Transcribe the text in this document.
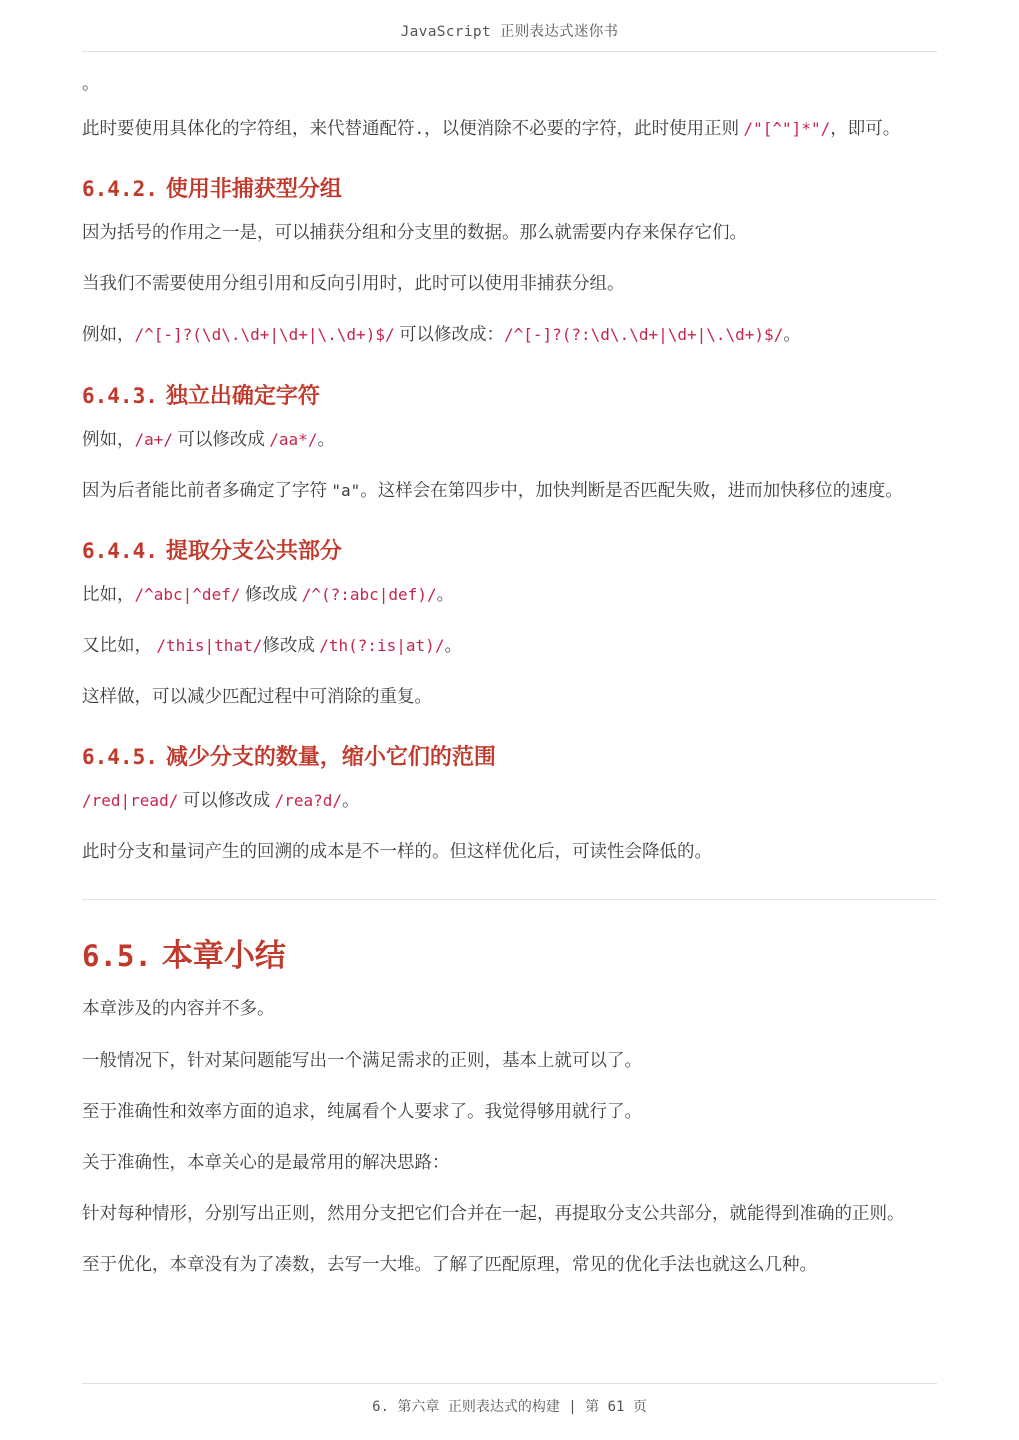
JavaScript 正则表达式迷你书
。

此时要使用具体化的字符组，来代替通配符.，以便消除不必要的字符，此时使用正则 /"[^"]*"/，即可。

6.4.2. 使用非捕获型分组

因为括号的作用之一是，可以捕获分组和分支里的数据。那么就需要内存来保存它们。

当我们不需要使用分组引用和反向引用时，此时可以使用非捕获分组。

例如，/^[-]?(\d\.\d+|\d+|\.\d+)$/ 可以修改成：/^[-]?(?:\d\.\d+|\d+|\.\d+)$/。

6.4.3. 独立出确定字符

例如，/a+/ 可以修改成 /aa*/。

因为后者能比前者多确定了字符 "a"。这样会在第四步中，加快判断是否匹配失败，进而加快移位的速度。

6.4.4. 提取分支公共部分

比如，/^abc|^def/ 修改成 /^(?:abc|def)/。

又比如， /this|that/修改成 /th(?:is|at)/。

这样做，可以减少匹配过程中可消除的重复。

6.4.5. 减少分支的数量，缩小它们的范围

/red|read/ 可以修改成 /rea?d/。

此时分支和量词产生的回溯的成本是不一样的。但这样优化后，可读性会降低的。

6.5. 本章小结

本章涉及的内容并不多。

一般情况下，针对某问题能写出一个满足需求的正则，基本上就可以了。

至于准确性和效率方面的追求，纯属看个人要求了。我觉得够用就行了。

关于准确性，本章关心的是最常用的解决思路：

针对每种情形，分别写出正则，然用分支把它们合并在一起，再提取分支公共部分，就能得到准确的正则。

至于优化，本章没有为了凑数，去写一大堆。了解了匹配原理，常见的优化手法也就这么几种。

6. 第六章 正则表达式的构建 | 第 61 页
